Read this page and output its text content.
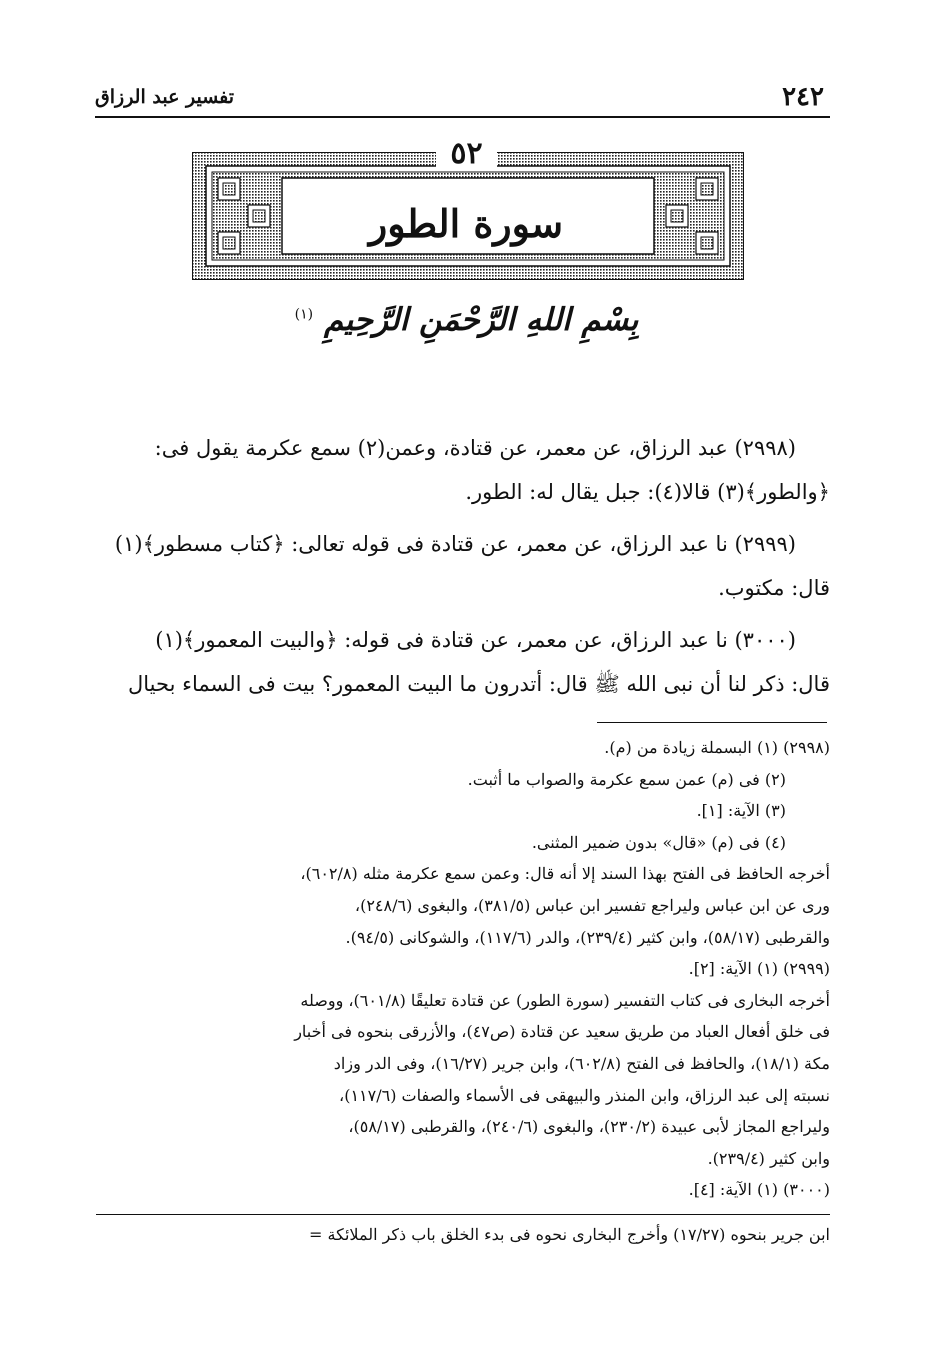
٢٤٢
تفسير عبد الرزاق
٥٢
سورة الطور
بِسْمِ اللهِ الرَّحْمَنِ الرَّحِيمِ $^{(١)}$

(٢٩٩٨) عبد الرزاق، عن معمر، عن قتادة، وعمن(٢) سمع عكرمة يقول فى:
﴿والطور﴾(٣) قالا(٤): جبل يقال له: الطور.

(٢٩٩٩) نا عبد الرزاق، عن معمر، عن قتادة فى قوله تعالى: ﴿كتاب مسطور﴾(١)
قال: مكتوب.

(٣٠٠٠) نا عبد الرزاق، عن معمر، عن قتادة فى قوله: ﴿والبيت المعمور﴾(١)
قال: ذكر لنا أن نبى الله ﷺ قال: أتدرون ما البيت المعمور؟ بيت فى السماء بحيال

(٢٩٩٨) (١) البسملة زيادة من (م).
(٢) فى (م) عمن سمع عكرمة والصواب ما أثبت.
(٣) الآية: [١].
(٤) فى (م) «قال» بدون ضمير المثنى.
أخرجه الحافظ فى الفتح بهذا السند إلا أنه قال: وعمن سمع عكرمة مثله (٦٠٢/٨)،
ورى عن ابن عباس وليراجع تفسير ابن عباس (٣٨١/٥)، والبغوى (٢٤٨/٦)،
والقرطبى (٥٨/١٧)، وابن كثير (٢٣٩/٤)، والدر (١١٧/٦)، والشوكانى (٩٤/٥).
(٢٩٩٩) (١) الآية: [٢].
أخرجه البخارى فى كتاب التفسير (سورة الطور) عن قتادة تعليقًا (٦٠١/٨)، ووصله
فى خلق أفعال العباد من طريق سعيد عن قتادة (ص٤٧)، والأزرقى بنحوه فى أخبار
مكة (١٨/١)، والحافظ فى الفتح (٦٠٢/٨)، وابن جرير (١٦/٢٧)، وفى الدر وزاد
نسبته إلى عبد الرزاق، وابن المنذر والبيهقى فى الأسماء والصفات (١١٧/٦)،
وليراجع المجاز لأبى عبيدة (٢٣٠/٢)، والبغوى (٢٤٠/٦)، والقرطبى (٥٨/١٧)،
وابن كثير (٢٣٩/٤).
(٣٠٠٠) (١) الآية: [٤].
ابن جرير بنحوه (١٧/٢٧) وأخرج البخارى نحوه فى بدء الخلق باب ذكر الملائكة =
